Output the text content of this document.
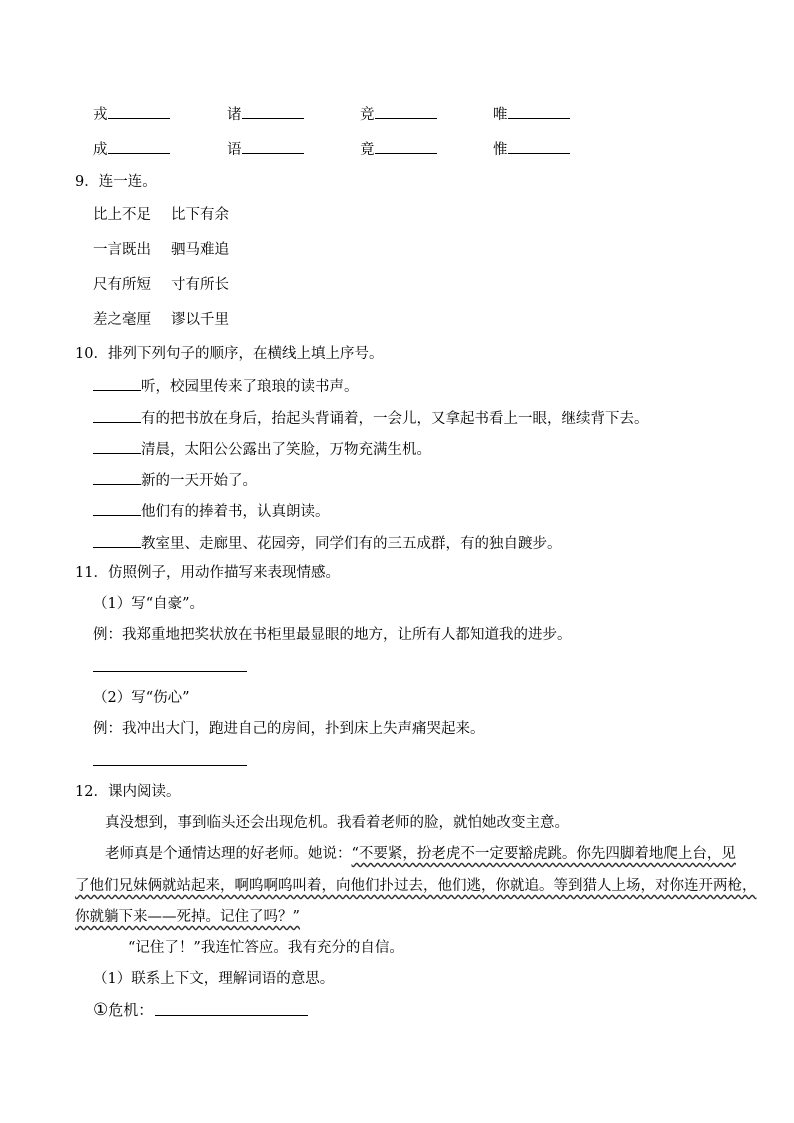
戎	诸	竞	唯
成	语	竟	惟
9．连一连。
比上不足 比下有余
一言既出 驷马难追
尺有所短 寸有所长
差之毫厘 谬以千里
10．排列下列句子的顺序，在横线上填上序号。
听，校园里传来了琅琅的读书声。
有的把书放在身后，抬起头背诵着，一会儿，又拿起书看上一眼，继续背下去。
清晨，太阳公公露出了笑脸，万物充满生机。
新的一天开始了。
他们有的捧着书，认真朗读。
教室里、走廊里、花园旁，同学们有的三五成群，有的独自踱步。
11．仿照例子，用动作描写来表现情感。
（1）写“自豪”。
例：我郑重地把奖状放在书柜里最显眼的地方，让所有人都知道我的进步。
（2）写“伤心”
例：我冲出大门，跑进自己的房间，扑到床上失声痛哭起来。
12．课内阅读。
真没想到，事到临头还会出现危机。我看着老师的脸，就怕她改变主意。
老师真是个通情达理的好老师。她说：“不要紧，扮老虎不一定要豁虎跳。你先四脚着地爬上台，见
了他们兄妹俩就站起来，啊呜啊呜叫着，向他们扑过去，他们逃，你就追。等到猎人上场，对你连开两枪，
你就躺下来——死掉。记住了吗？”
“记住了！”我连忙答应。我有充分的自信。
（1）联系上下文，理解词语的意思。
①危机：
